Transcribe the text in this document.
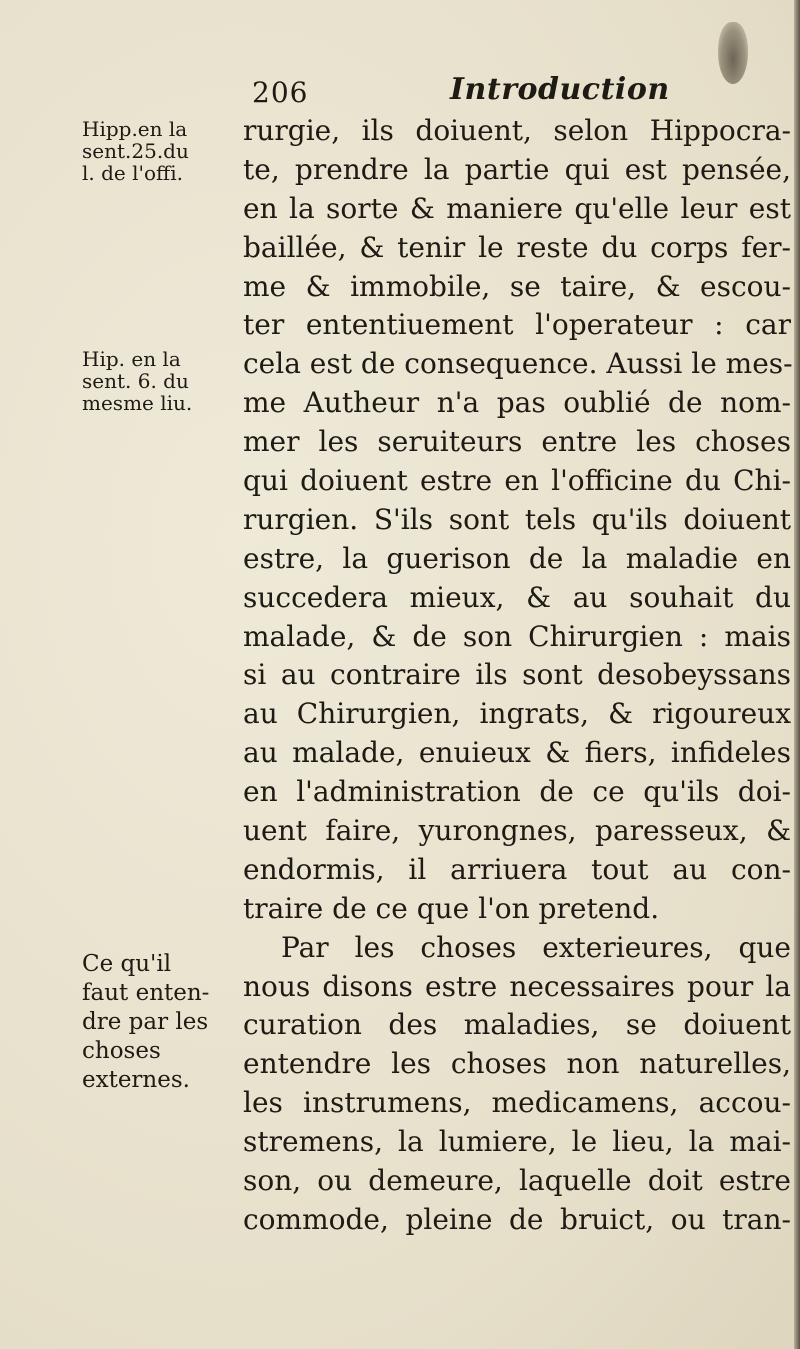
206	Introduction
Hipp.en la
sent.25.du
l. de l'offi.
Hip. en la
sent. 6. du
mesme liu.
Ce qu'il
faut enten-
dre par les
choses
externes.
rurgie, ils doiuent, selon Hippocra-
te, prendre la partie qui est pensée,
en la sorte & maniere qu'elle leur est
baillée, & tenir le reste du corps fer-
me & immobile, se taire, & escou-
ter ententiuement l'operateur : car
cela est de consequence. Aussi le mes-
me Autheur n'a pas oublié de nom-
mer les seruiteurs entre les choses
qui doiuent estre en l'officine du Chi-
rurgien. S'ils sont tels qu'ils doiuent
estre, la guerison de la maladie en
succedera mieux, & au souhait du
malade, & de son Chirurgien : mais
si au contraire ils sont desobeyssans
au Chirurgien, ingrats, & rigoureux
au malade, enuieux & fiers, infideles
en l'administration de ce qu'ils doi-
uent faire, yurongnes, paresseux, &
endormis, il arriuera tout au con-
traire de ce que l'on pretend.
Par les choses exterieures, que
nous disons estre necessaires pour la
curation des maladies, se doiuent
entendre les choses non naturelles,
les instrumens, medicamens, accou-
stremens, la lumiere, le lieu, la mai-
son, ou demeure, laquelle doit estre
commode, pleine de bruict, ou tran-
